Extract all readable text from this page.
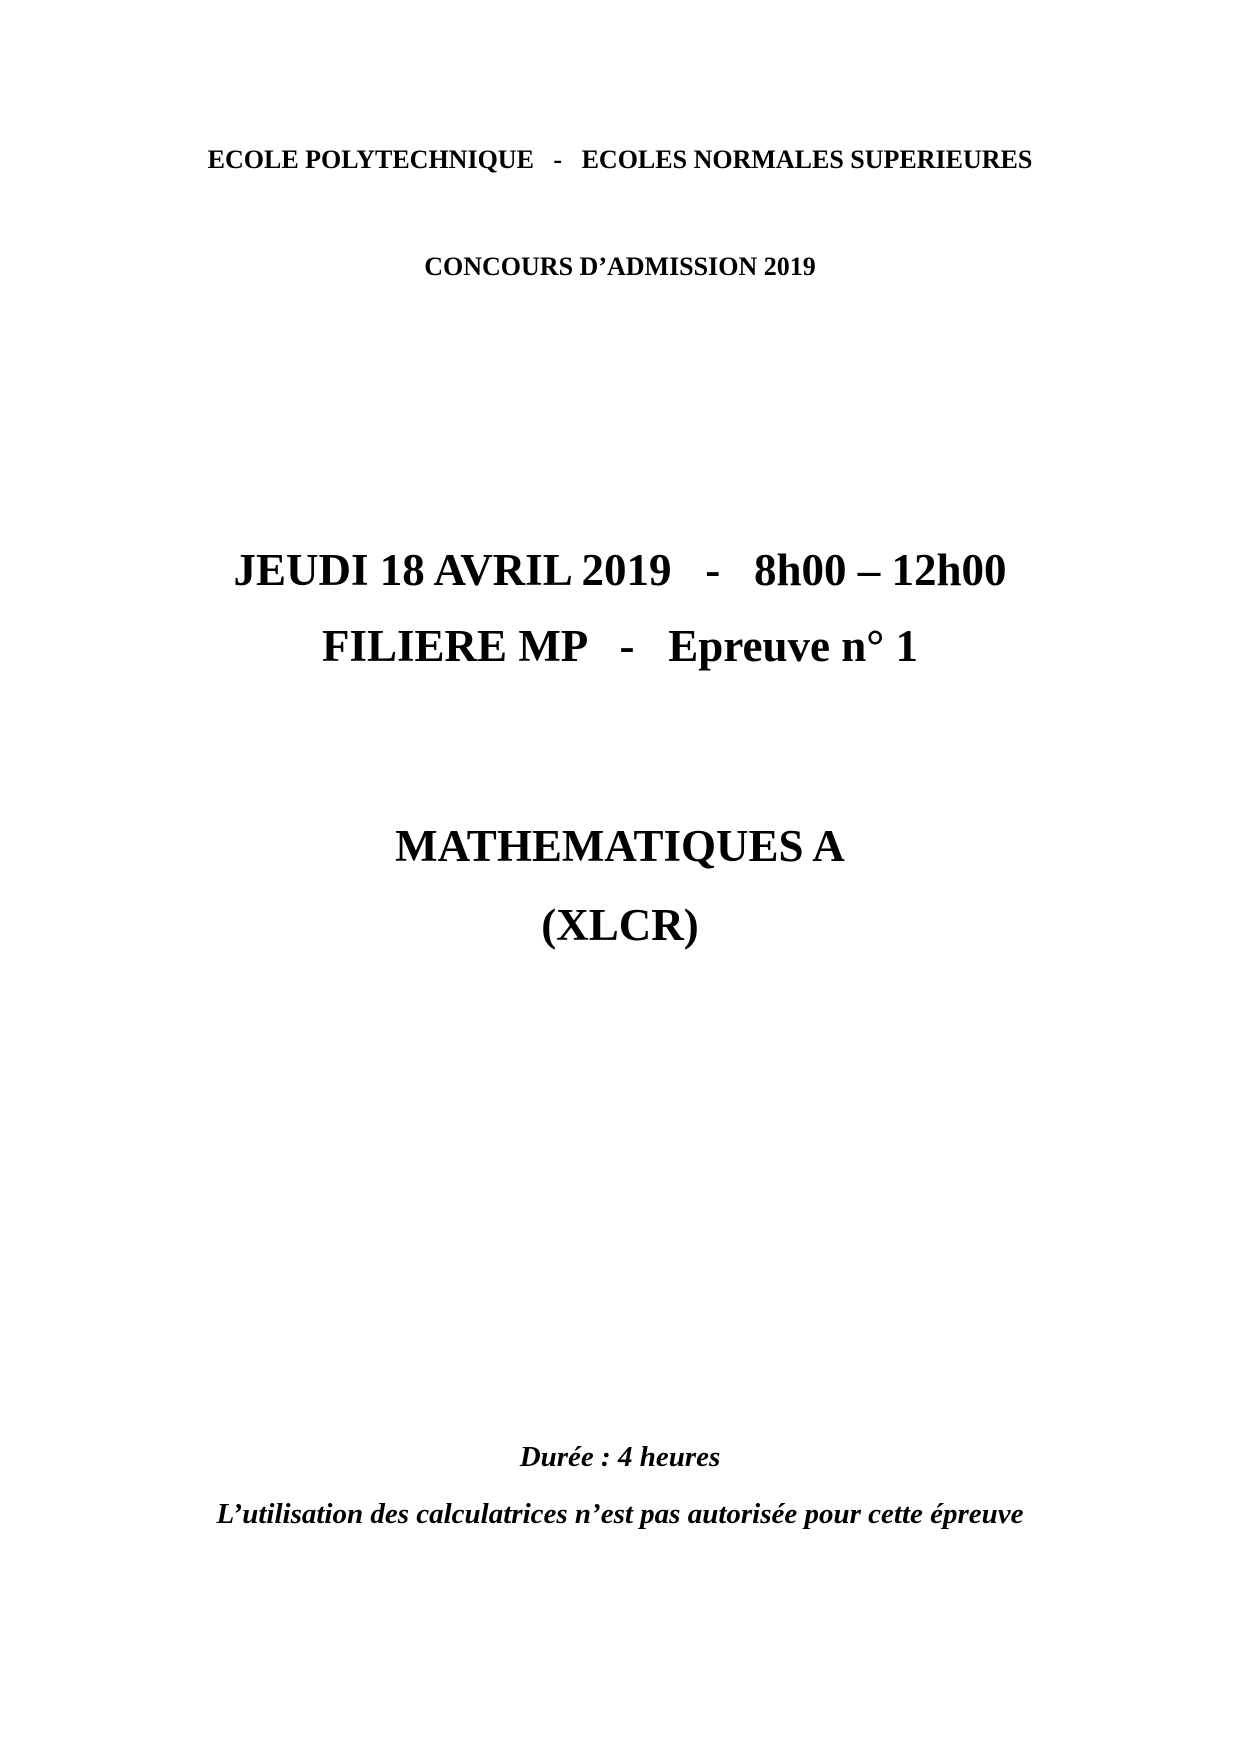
ECOLE POLYTECHNIQUE   -   ECOLES NORMALES SUPERIEURES
CONCOURS D’ADMISSION 2019
JEUDI 18 AVRIL 2019   -   8h00 – 12h00
FILIERE MP   -   Epreuve n° 1
MATHEMATIQUES A
(XLCR)
Durée : 4 heures
L’utilisation des calculatrices n’est pas autorisée pour cette épreuve
